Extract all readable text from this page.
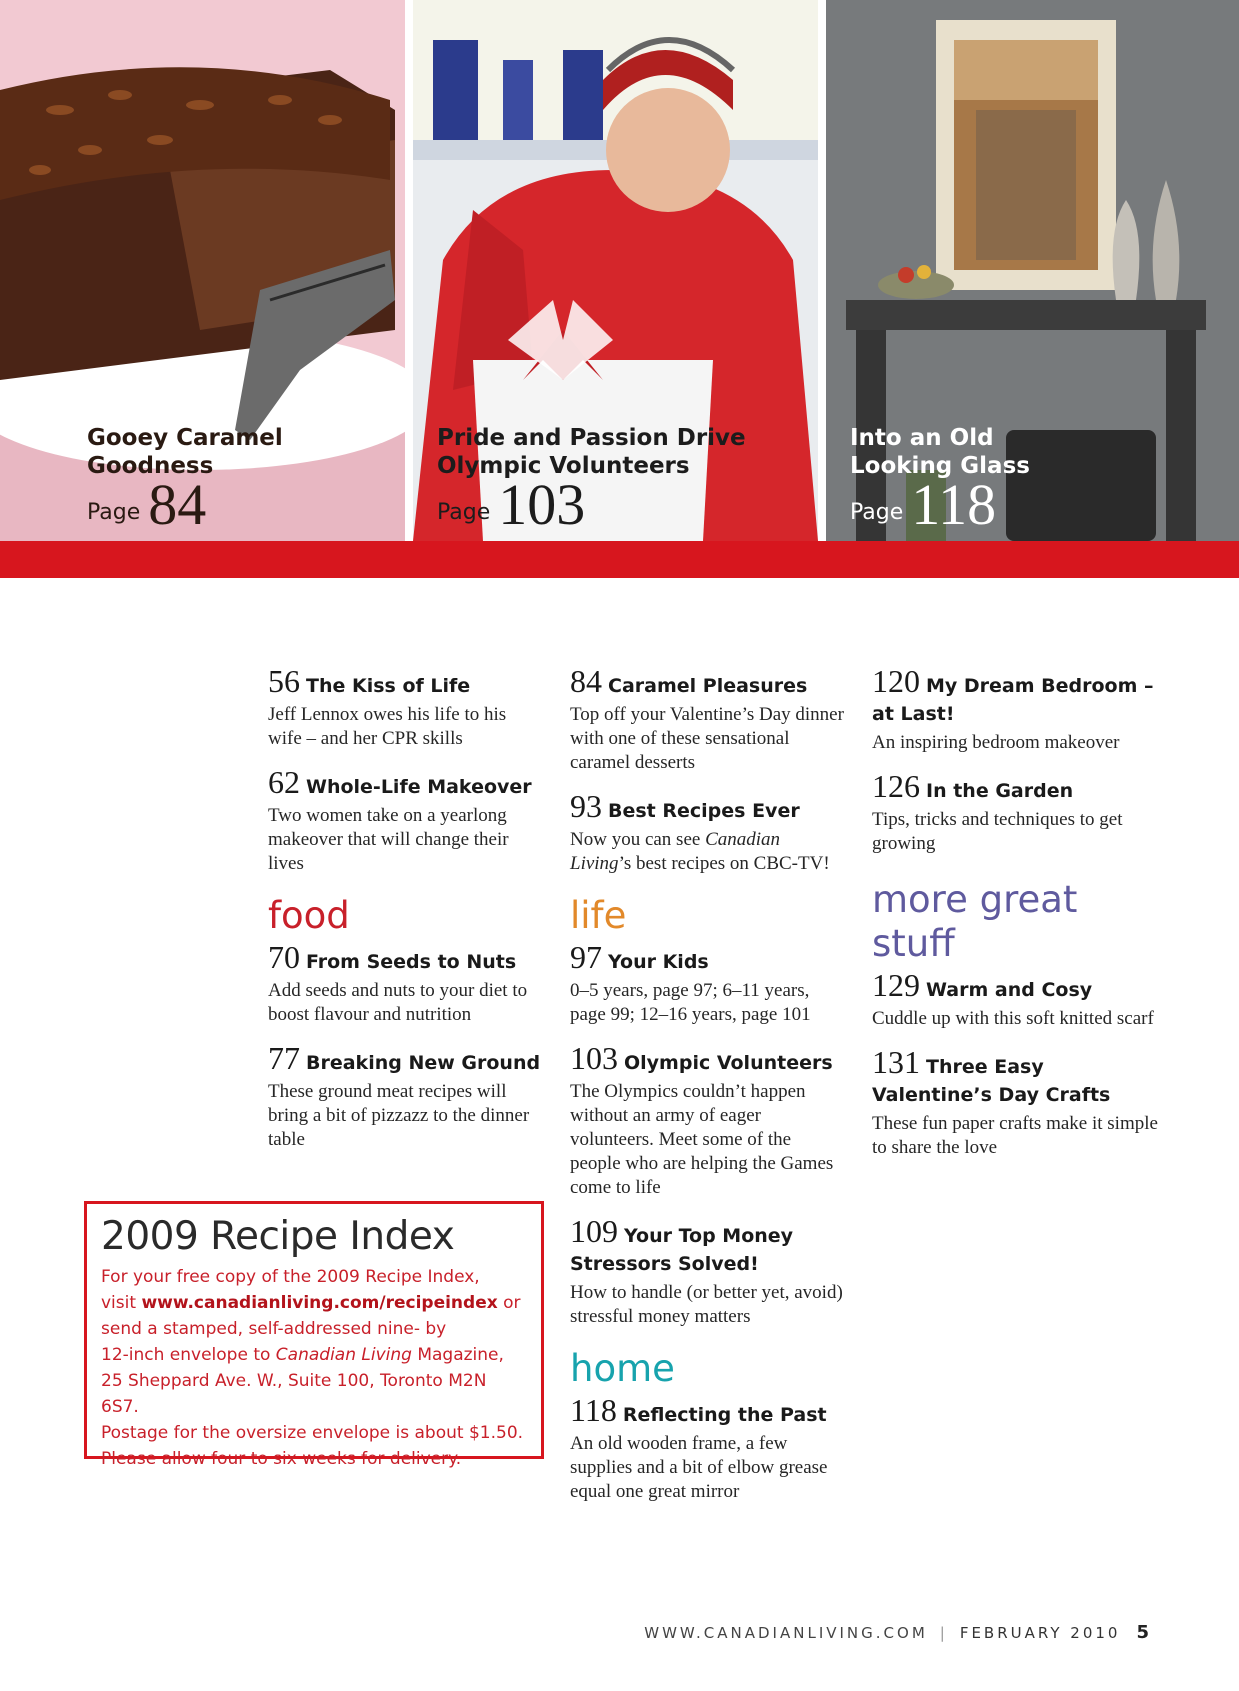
Gooey Caramel
Goodness
Page 84
Pride and Passion Drive
Olympic Volunteers
Page 103
Into an Old
Looking Glass
Page 118
56 The Kiss of Life
Jeff Lennox owes his life to his wife – and her CPR skills
62 Whole-Life Makeover
Two women take on a yearlong makeover that will change their lives
food
70 From Seeds to Nuts
Add seeds and nuts to your diet to boost flavour and nutrition
77 Breaking New Ground
These ground meat recipes will bring a bit of pizzazz to the dinner table
84 Caramel Pleasures
Top off your Valentine’s Day dinner with one of these sensational caramel desserts
93 Best Recipes Ever
Now you can see Canadian Living’s best recipes on CBC-TV!
life
97 Your Kids
0–5 years, page 97; 6–11 years, page 99; 12–16 years, page 101
103 Olympic Volunteers
The Olympics couldn’t happen without an army of eager volunteers. Meet some of the people who are helping the Games come to life
109 Your Top Money Stressors Solved!
How to handle (or better yet, avoid) stressful money matters
home
118 Reflecting the Past
An old wooden frame, a few supplies and a bit of elbow grease equal one great mirror
120 My Dream Bedroom – at Last!
An inspiring bedroom makeover
126 In the Garden
Tips, tricks and techniques to get growing
more great stuff
129 Warm and Cosy
Cuddle up with this soft knitted scarf
131 Three Easy Valentine’s Day Crafts
These fun paper crafts make it simple to share the love
2009 Recipe Index
For your free copy of the 2009 Recipe Index,
visit www.canadianliving.com/recipeindex or
send a stamped, self-addressed nine- by
12-inch envelope to Canadian Living Magazine,
25 Sheppard Ave. W., Suite 100, Toronto M2N 6S7.
Postage for the oversize envelope is about $1.50.
Please allow four to six weeks for delivery.
WWW.CANADIANLIVING.COM | FEBRUARY 2010 5
